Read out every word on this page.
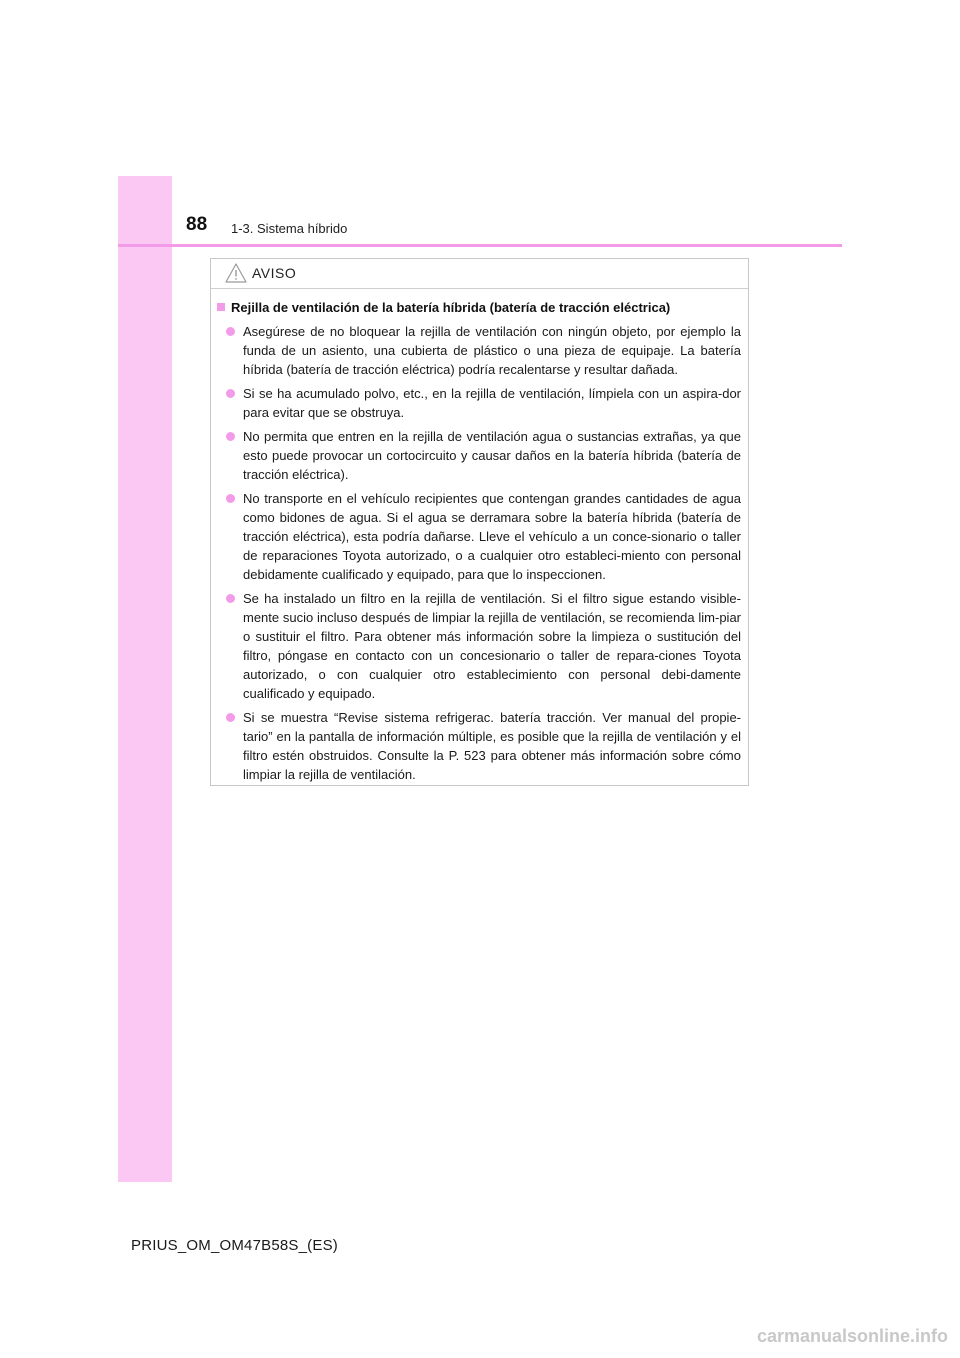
88 1-3. Sistema híbrido
AVISO
Rejilla de ventilación de la batería híbrida (batería de tracción eléctrica)
Asegúrese de no bloquear la rejilla de ventilación con ningún objeto, por ejemplo la funda de un asiento, una cubierta de plástico o una pieza de equipaje. La batería híbrida (batería de tracción eléctrica) podría recalentarse y resultar dañada.
Si se ha acumulado polvo, etc., en la rejilla de ventilación, límpiela con un aspira-dor para evitar que se obstruya.
No permita que entren en la rejilla de ventilación agua o sustancias extrañas, ya que esto puede provocar un cortocircuito y causar daños en la batería híbrida (batería de tracción eléctrica).
No transporte en el vehículo recipientes que contengan grandes cantidades de agua como bidones de agua. Si el agua se derramara sobre la batería híbrida (batería de tracción eléctrica), esta podría dañarse. Lleve el vehículo a un conce-sionario o taller de reparaciones Toyota autorizado, o a cualquier otro estableci-miento con personal debidamente cualificado y equipado, para que lo inspeccionen.
Se ha instalado un filtro en la rejilla de ventilación. Si el filtro sigue estando visible-mente sucio incluso después de limpiar la rejilla de ventilación, se recomienda lim-piar o sustituir el filtro. Para obtener más información sobre la limpieza o sustitución del filtro, póngase en contacto con un concesionario o taller de repara-ciones Toyota autorizado, o con cualquier otro establecimiento con personal debi-damente cualificado y equipado.
Si se muestra “Revise sistema refrigerac. batería tracción. Ver manual del propie-tario” en la pantalla de información múltiple, es posible que la rejilla de ventilación y el filtro estén obstruidos. Consulte la P. 523 para obtener más información sobre cómo limpiar la rejilla de ventilación.
PRIUS_OM_OM47B58S_(ES)
carmanualsonline.info
